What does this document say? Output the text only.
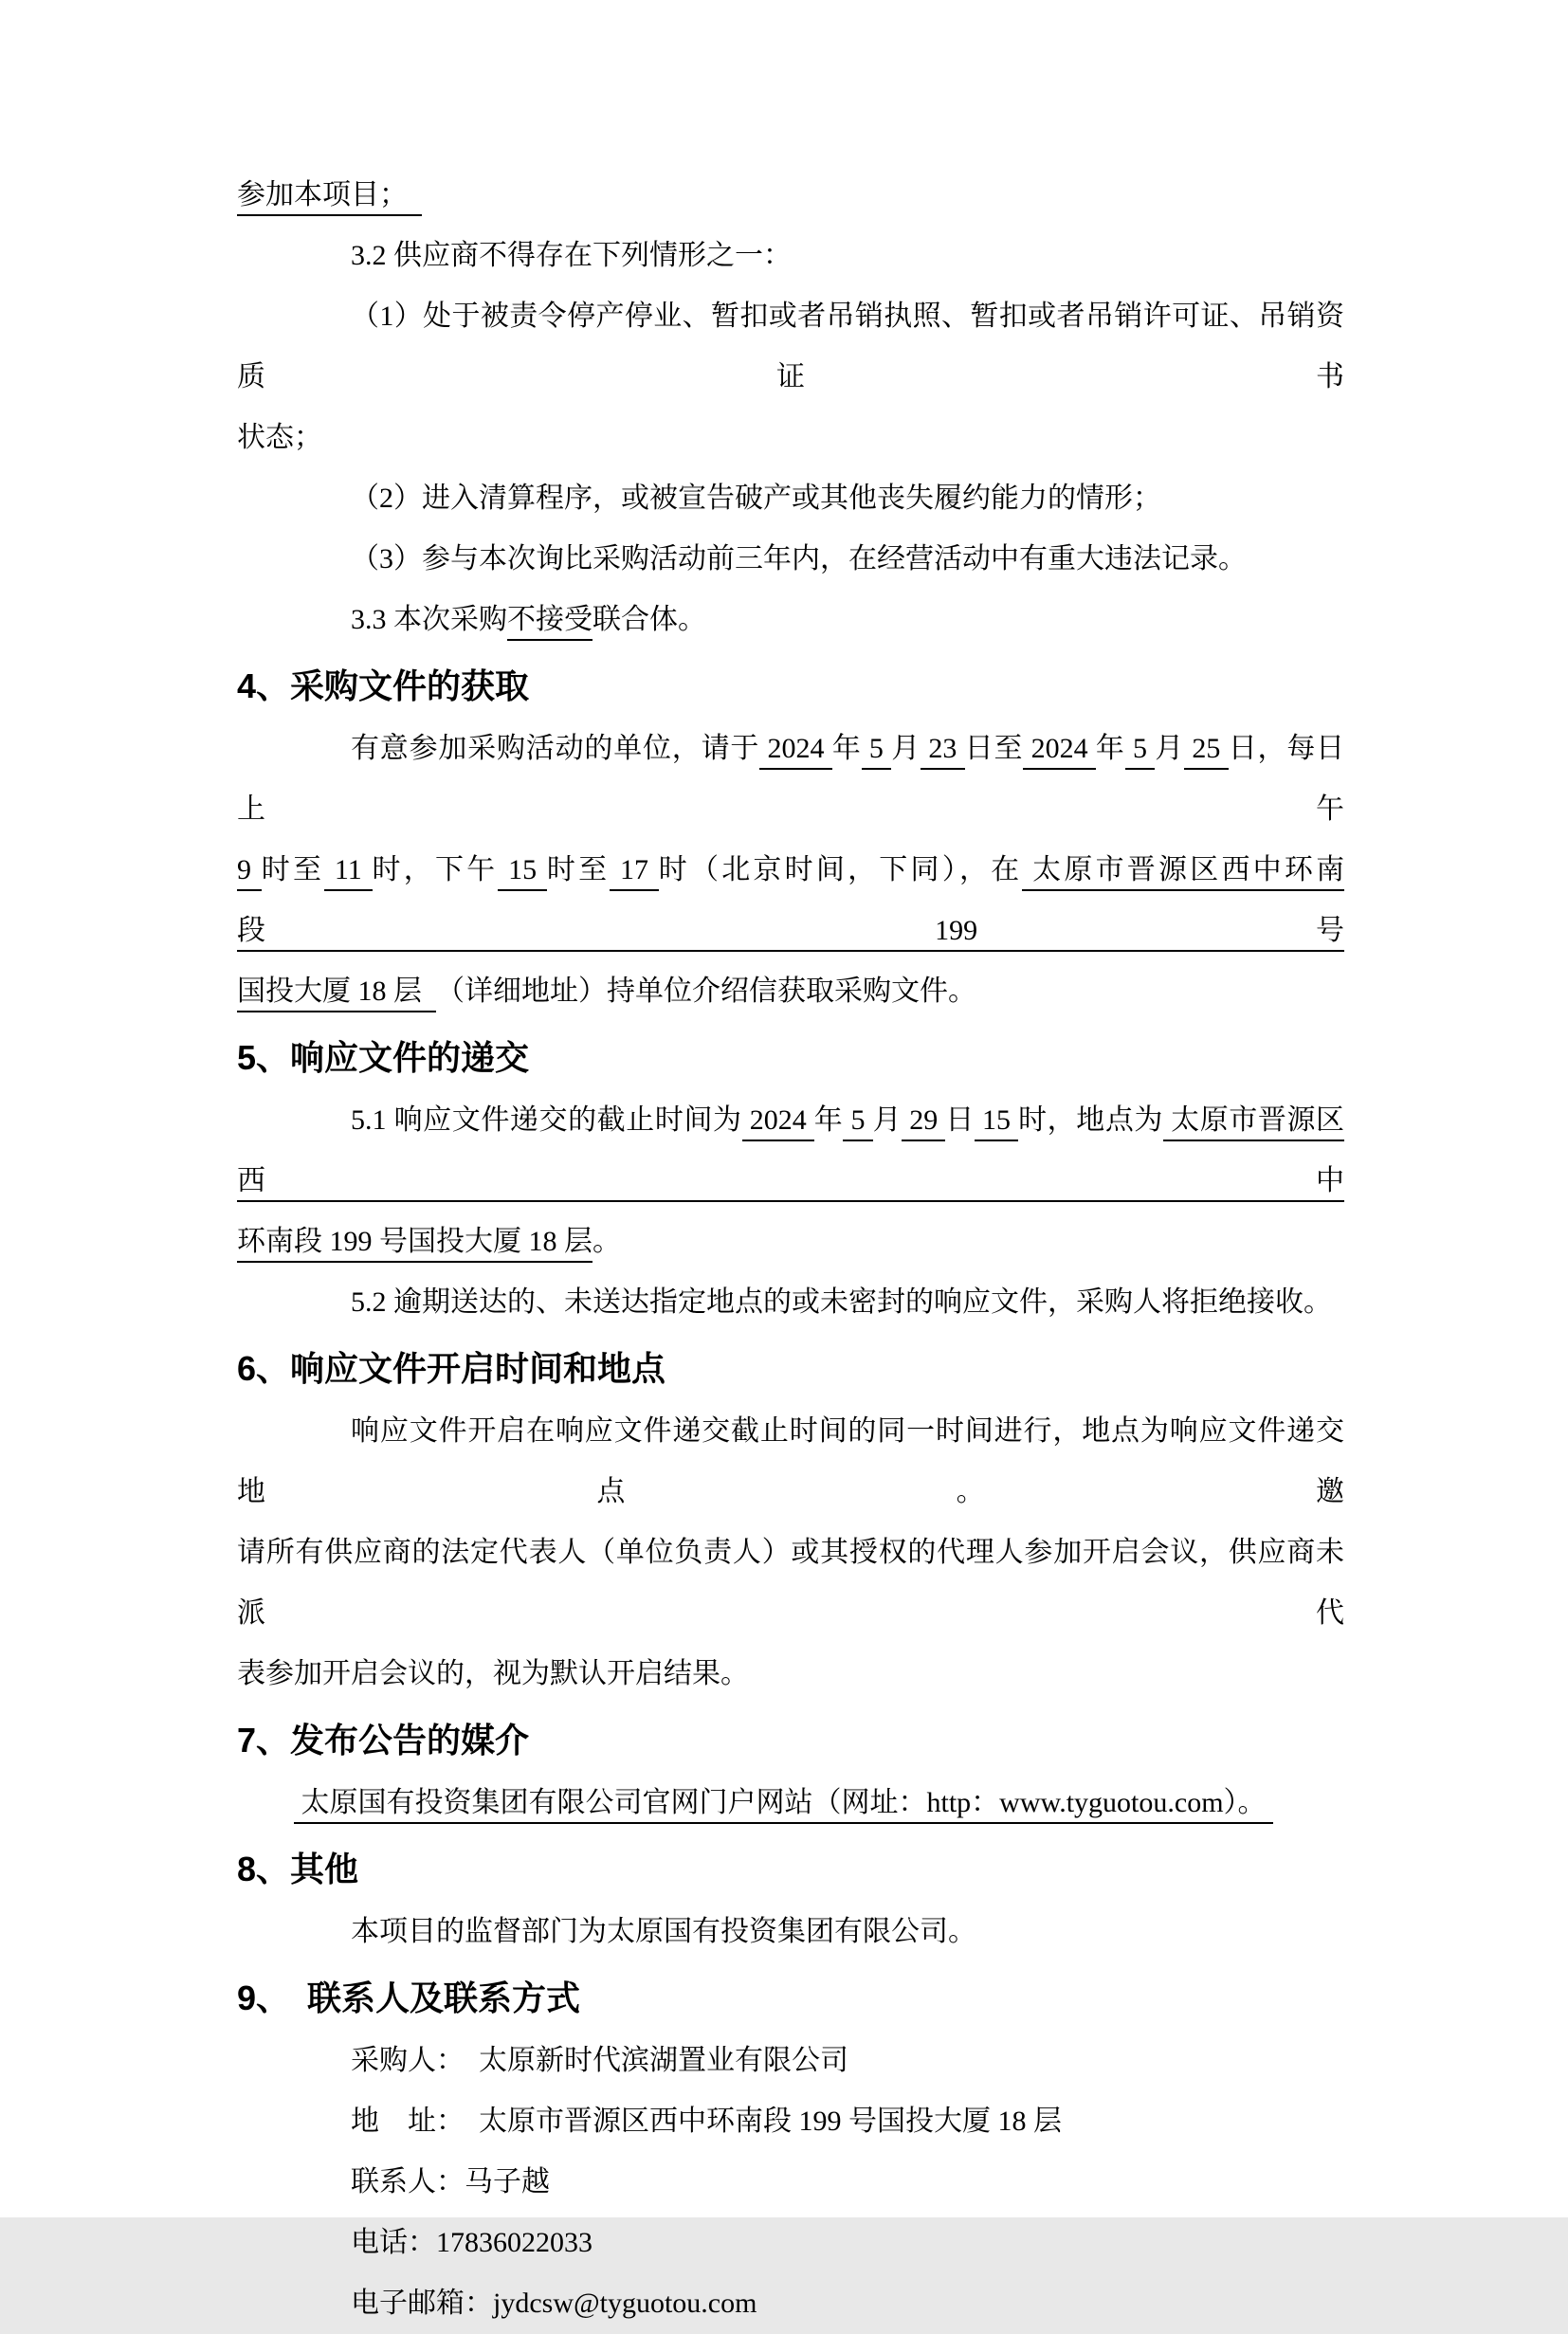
参加本项目；
3.2 供应商不得存在下列情形之一：
（1）处于被责令停产停业、暂扣或者吊销执照、暂扣或者吊销许可证、吊销资质证书
状态；
（2）进入清算程序，或被宣告破产或其他丧失履约能力的情形；
（3）参与本次询比采购活动前三年内，在经营活动中有重大违法记录。
3.3 本次采购不接受联合体。
4、采购文件的获取
有意参加采购活动的单位，请于 2024 年 5 月 23 日至 2024 年 5 月 25 日，每日上午
9 时至 11 时，下午 15 时至 17 时（北京时间，下同），在 太原市晋源区西中环南段 199 号
国投大厦 18 层  （详细地址）持单位介绍信获取采购文件。
5、响应文件的递交
5.1 响应文件递交的截止时间为 2024 年 5 月 29 日 15 时，地点为 太原市晋源区西中
环南段 199 号国投大厦 18 层。
5.2 逾期送达的、未送达指定地点的或未密封的响应文件，采购人将拒绝接收。
6、响应文件开启时间和地点
响应文件开启在响应文件递交截止时间的同一时间进行，地点为响应文件递交地点。邀
请所有供应商的法定代表人（单位负责人）或其授权的代理人参加开启会议，供应商未派代
表参加开启会议的，视为默认开启结果。
7、发布公告的媒介
太原国有投资集团有限公司官网门户网站（网址：http：www.tyguotou.com）。
8、其他
本项目的监督部门为太原国有投资集团有限公司。
9、　联系人及联系方式
采购人：　太原新时代滨湖置业有限公司
地　址：　太原市晋源区西中环南段 199 号国投大厦 18 层
联系人：马子越
电话：17836022033
电子邮箱：jydcsw@tyguotou.com
